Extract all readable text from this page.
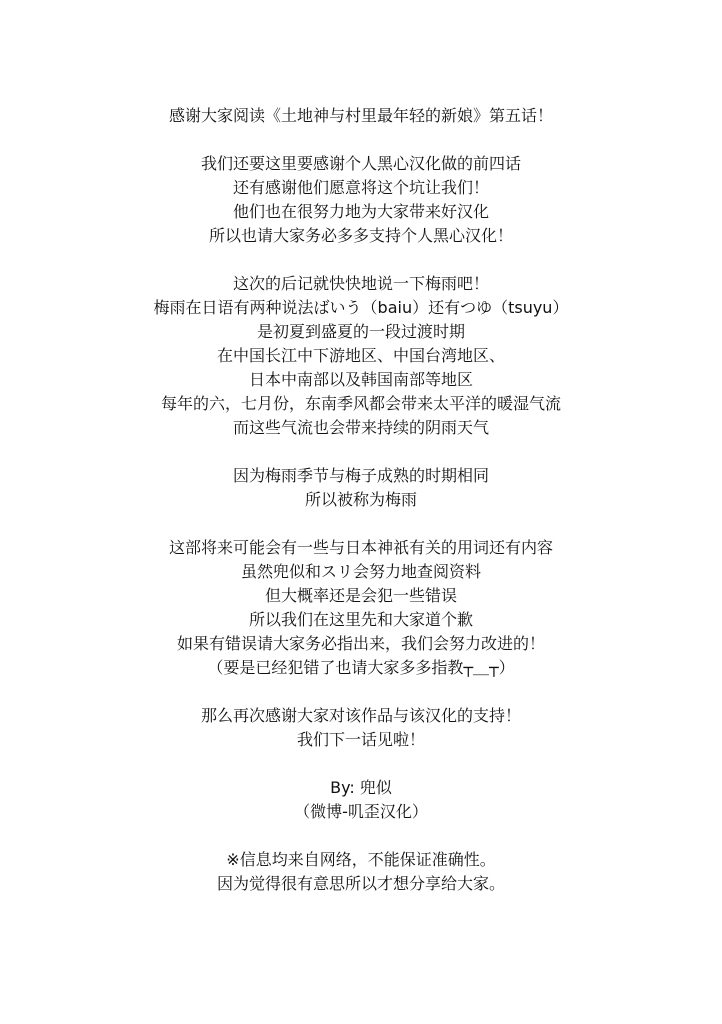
感谢大家阅读《土地神与村里最年轻的新娘》第五话！
我们还要这里要感谢个人黑心汉化做的前四话
还有感谢他们愿意将这个坑让我们！
他们也在很努力地为大家带来好汉化
所以也请大家务必多多支持个人黑心汉化！
这次的后记就快快地说一下梅雨吧！
梅雨在日语有两种说法ばいう（baiu）还有つゆ（tsuyu）
是初夏到盛夏的一段过渡时期
在中国长江中下游地区、中国台湾地区、
日本中南部以及韩国南部等地区
每年的六，七月份，东南季风都会带来太平洋的暖湿气流
而这些气流也会带来持续的阴雨天气
因为梅雨季节与梅子成熟的时期相同
所以被称为梅雨
这部将来可能会有一些与日本神祇有关的用词还有内容
虽然兜似和スリ会努力地查阅资料
但大概率还是会犯一些错误
所以我们在这里先和大家道个歉
如果有错误请大家务必指出来，我们会努力改进的！
（要是已经犯错了也请大家多多指教┬＿┬）
那么再次感谢大家对该作品与该汉化的支持！
我们下一话见啦！
By: 兜似
（微博-叽歪汉化）
※信息均来自网络，不能保证准确性。
因为觉得很有意思所以才想分享给大家。
